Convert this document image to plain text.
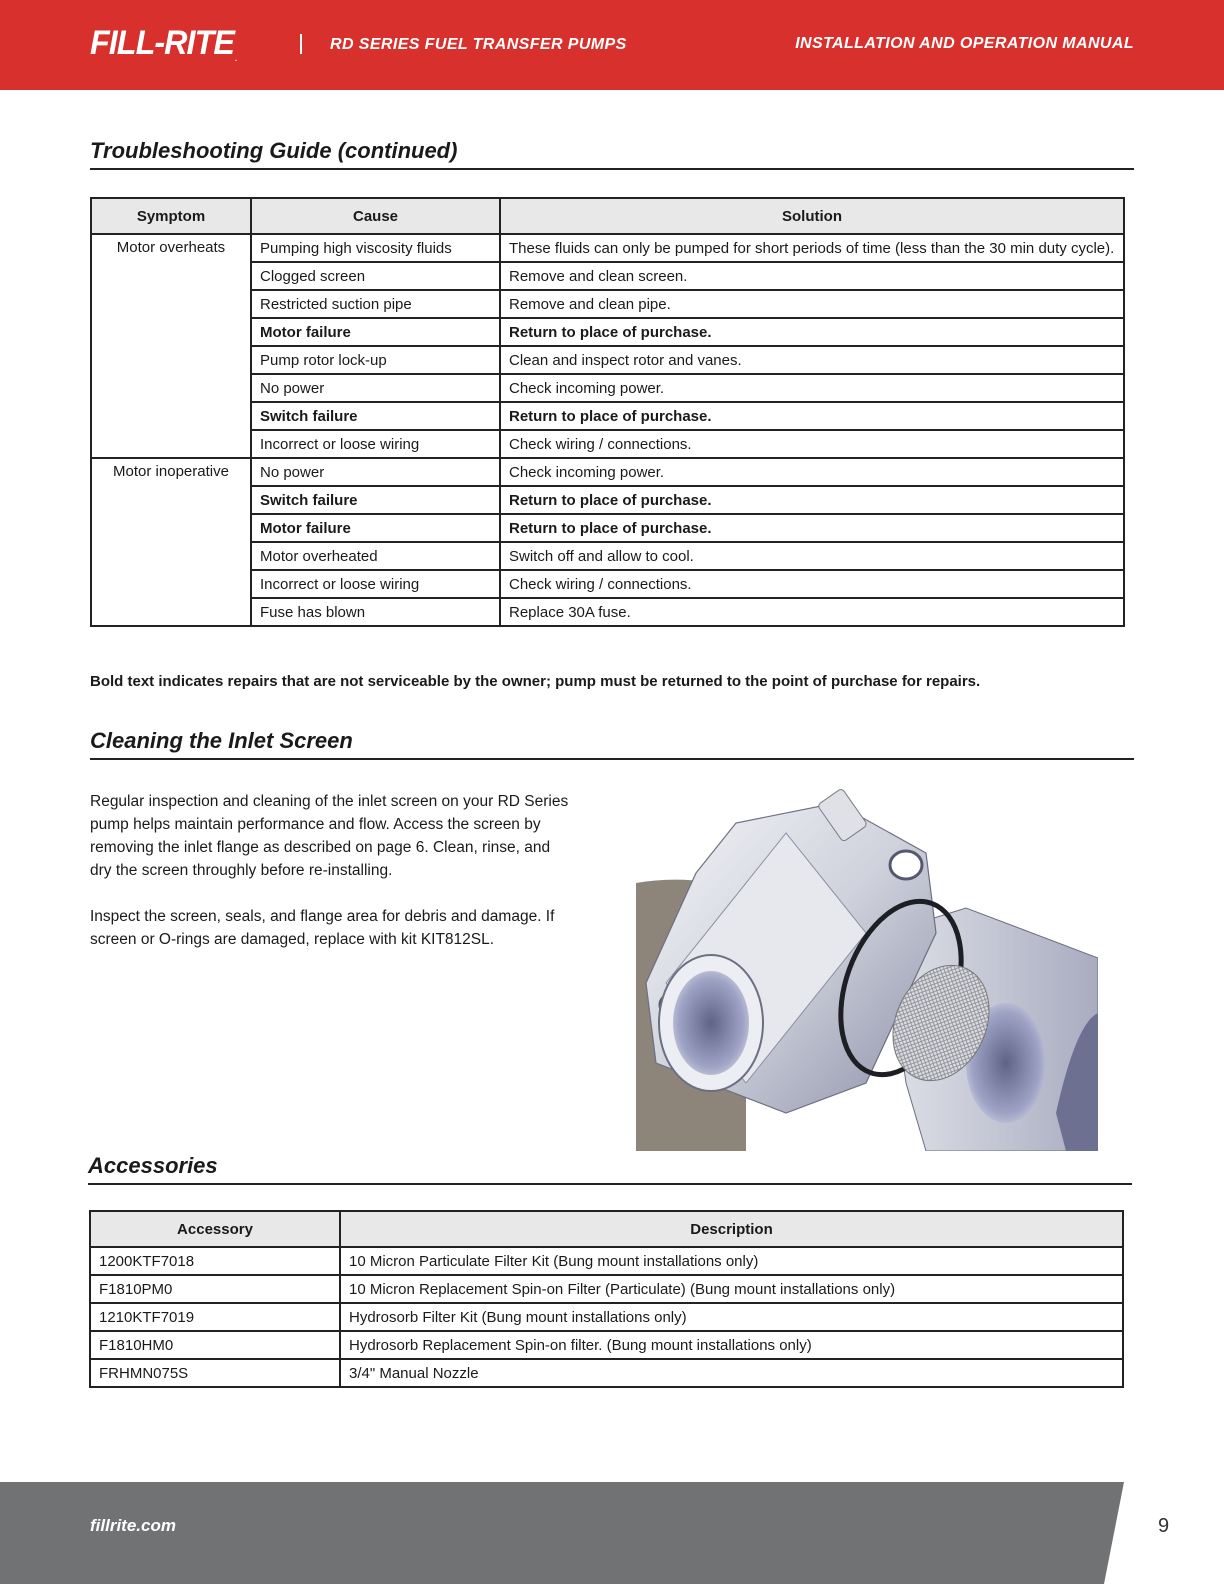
FILL-RITE.
RD SERIES FUEL TRANSFER PUMPS	INSTALLATION AND OPERATION MANUAL
Troubleshooting Guide (continued)
Symptom	Cause	Solution
Motor overheats	Pumping high viscosity fluids	These fluids can only be pumped for short periods of time (less than the 30 min duty cycle).
	Clogged screen	Remove and clean screen.
	Restricted suction pipe	Remove and clean pipe.
	Motor failure	Return to place of purchase.
	Pump rotor lock-up	Clean and inspect rotor and vanes.
	No power	Check incoming power.
	Switch failure	Return to place of purchase.
	Incorrect or loose wiring	Check wiring / connections.
Motor inoperative	No power	Check incoming power.
	Switch failure	Return to place of purchase.
	Motor failure	Return to place of purchase.
	Motor overheated	Switch off and allow to cool.
	Incorrect or loose wiring	Check wiring / connections.
	Fuse has blown	Replace 30A fuse.
Bold text indicates repairs that are not serviceable by the owner; pump must be returned to the point of purchase for repairs.
Cleaning the Inlet Screen

Regular inspection and cleaning of the inlet screen on your RD Series pump helps maintain performance and flow. Access the screen by removing the inlet flange as described on page 6. Clean, rinse, and dry the screen throughly before re-installing.

Inspect the screen, seals, and flange area for debris and damage. If screen or O-rings are damaged, replace with kit KIT812SL.

Accessories
Accessory	Description
1200KTF7018	10 Micron Particulate Filter Kit (Bung mount installations only)
F1810PM0	10 Micron Replacement Spin-on Filter (Particulate) (Bung mount installations only)
1210KTF7019	Hydrosorb Filter Kit (Bung mount installations only)
F1810HM0	Hydrosorb Replacement Spin-on filter. (Bung mount installations only)
FRHMN075S	3/4" Manual Nozzle
fillrite.com	9
